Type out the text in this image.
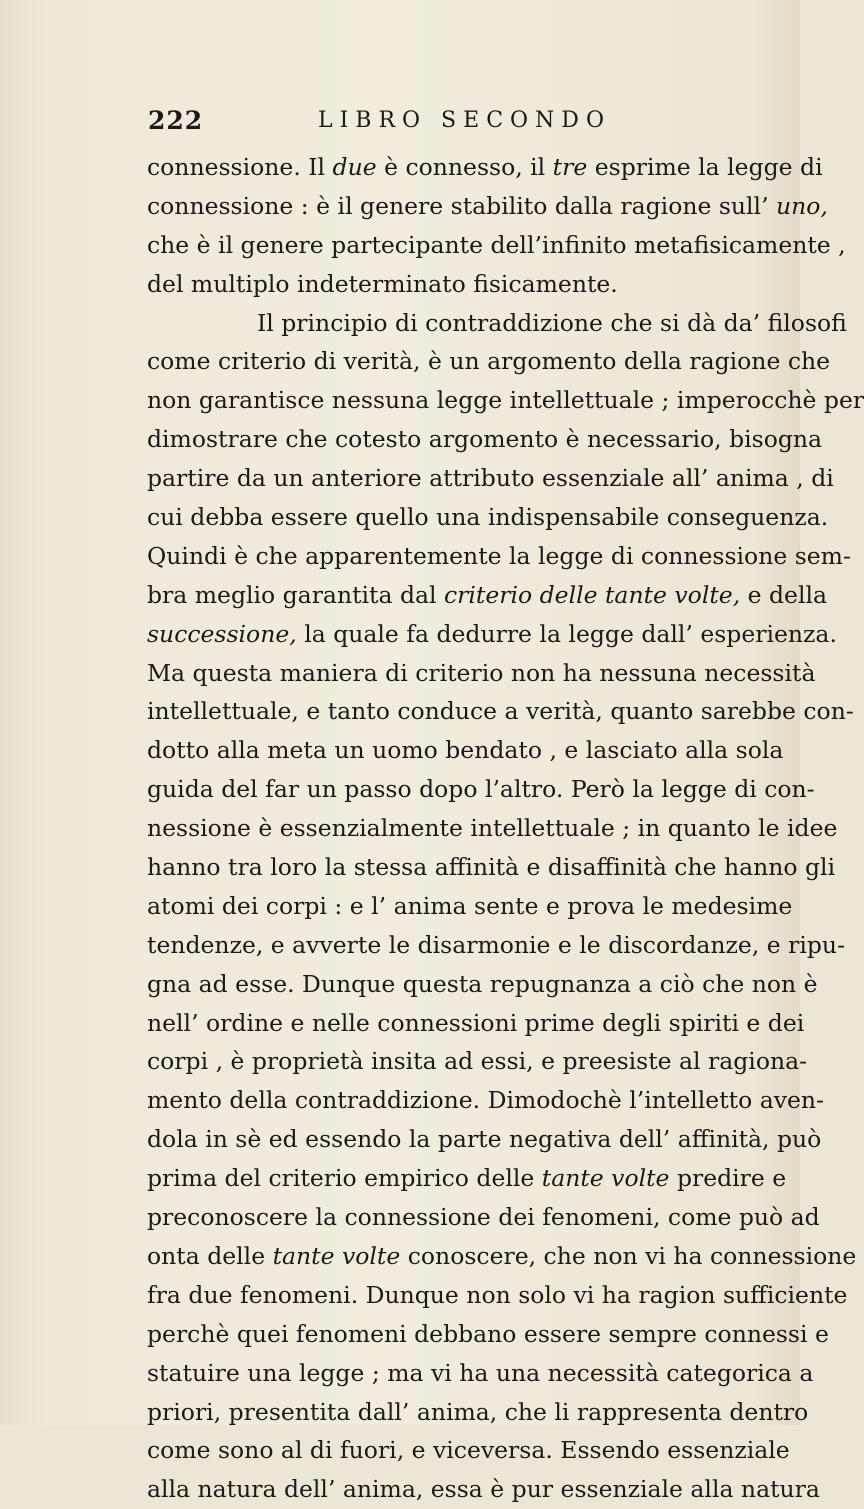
222	LIBRO SECONDO
connessione. Il due è connesso, il tre esprime la legge di
connessione : è il genere stabilito dalla ragione sull’ uno,
che è il genere partecipante dell’infinito metafisicamente ,
del multiplo indeterminato fisicamente.
Il principio di contraddizione che si dà da’ filosofi
come criterio di verità, è un argomento della ragione che
non garantisce nessuna legge intellettuale ; imperocchè per
dimostrare che cotesto argomento è necessario, bisogna
partire da un anteriore attributo essenziale all’ anima , di
cui debba essere quello una indispensabile conseguenza.
Quindi è che apparentemente la legge di connessione sem-
bra meglio garantita dal criterio delle tante volte, e della
successione, la quale fa dedurre la legge dall’ esperienza.
Ma questa maniera di criterio non ha nessuna necessità
intellettuale, e tanto conduce a verità, quanto sarebbe con-
dotto alla meta un uomo bendato , e lasciato alla sola
guida del far un passo dopo l’altro. Però la legge di con-
nessione è essenzialmente intellettuale ; in quanto le idee
hanno tra loro la stessa affinità e disaffinità che hanno gli
atomi dei corpi : e l’ anima sente e prova le medesime
tendenze, e avverte le disarmonie e le discordanze, e ripu-
gna ad esse. Dunque questa repugnanza a ciò che non è
nell’ ordine e nelle connessioni prime degli spiriti e dei
corpi , è proprietà insita ad essi, e preesiste al ragiona-
mento della contraddizione. Dimodochè l’intelletto aven-
dola in sè ed essendo la parte negativa dell’ affinità, può
prima del criterio empirico delle tante volte predire e
preconoscere la connessione dei fenomeni, come può ad
onta delle tante volte conoscere, che non vi ha connessione
fra due fenomeni. Dunque non solo vi ha ragion sufficiente
perchè quei fenomeni debbano essere sempre connessi e
statuire una legge ; ma vi ha una necessità categorica a
priori, presentita dall’ anima, che li rappresenta dentro
come sono al di fuori, e viceversa. Essendo essenziale
alla natura dell’ anima, essa è pur essenziale alla natura
